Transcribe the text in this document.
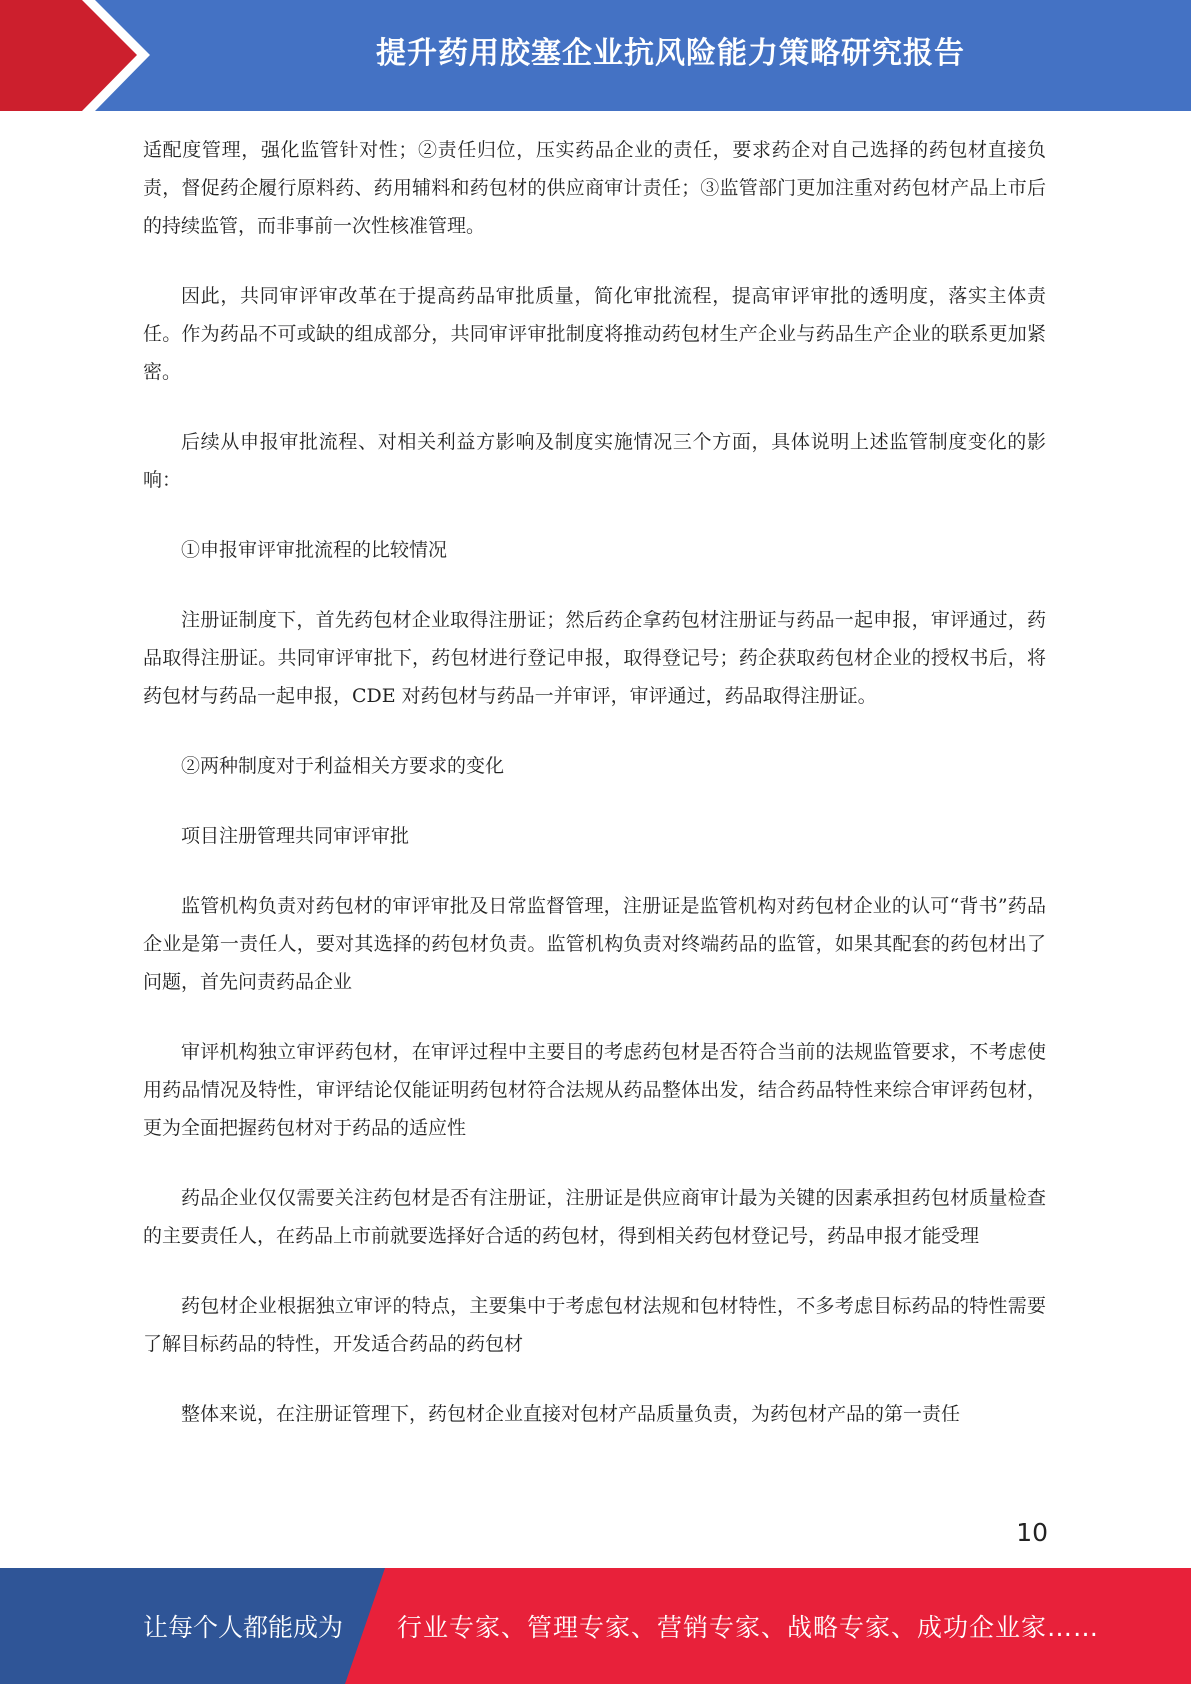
提升药用胶塞企业抗风险能力策略研究报告

适配度管理，强化监管针对性；②责任归位，压实药品企业的责任，要求药企对自己选择的药包材直接负责，督促药企履行原料药、药用辅料和药包材的供应商审计责任；③监管部门更加注重对药包材产品上市后的持续监管，而非事前一次性核准管理。

因此，共同审评审改革在于提高药品审批质量，简化审批流程，提高审评审批的透明度，落实主体责任。作为药品不可或缺的组成部分，共同审评审批制度将推动药包材生产企业与药品生产企业的联系更加紧密。

后续从申报审批流程、对相关利益方影响及制度实施情况三个方面，具体说明上述监管制度变化的影响：

①申报审评审批流程的比较情况

注册证制度下，首先药包材企业取得注册证；然后药企拿药包材注册证与药品一起申报，审评通过，药品取得注册证。共同审评审批下，药包材进行登记申报，取得登记号；药企获取药包材企业的授权书后，将药包材与药品一起申报，CDE 对药包材与药品一并审评，审评通过，药品取得注册证。

②两种制度对于利益相关方要求的变化

项目注册管理共同审评审批

监管机构负责对药包材的审评审批及日常监督管理，注册证是监管机构对药包材企业的认可“背书”药品企业是第一责任人，要对其选择的药包材负责。监管机构负责对终端药品的监管，如果其配套的药包材出了问题，首先问责药品企业

审评机构独立审评药包材，在审评过程中主要目的考虑药包材是否符合当前的法规监管要求，不考虑使用药品情况及特性，审评结论仅能证明药包材符合法规从药品整体出发，结合药品特性来综合审评药包材，更为全面把握药包材对于药品的适应性

药品企业仅仅需要关注药包材是否有注册证，注册证是供应商审计最为关键的因素承担药包材质量检查的主要责任人，在药品上市前就要选择好合适的药包材，得到相关药包材登记号，药品申报才能受理

药包材企业根据独立审评的特点，主要集中于考虑包材法规和包材特性，不多考虑目标药品的特性需要了解目标药品的特性，开发适合药品的药包材

整体来说，在注册证管理下，药包材企业直接对包材产品质量负责，为药包材产品的第一责任

10
让每个人都能成为 行业专家、管理专家、营销专家、战略专家、成功企业家……
